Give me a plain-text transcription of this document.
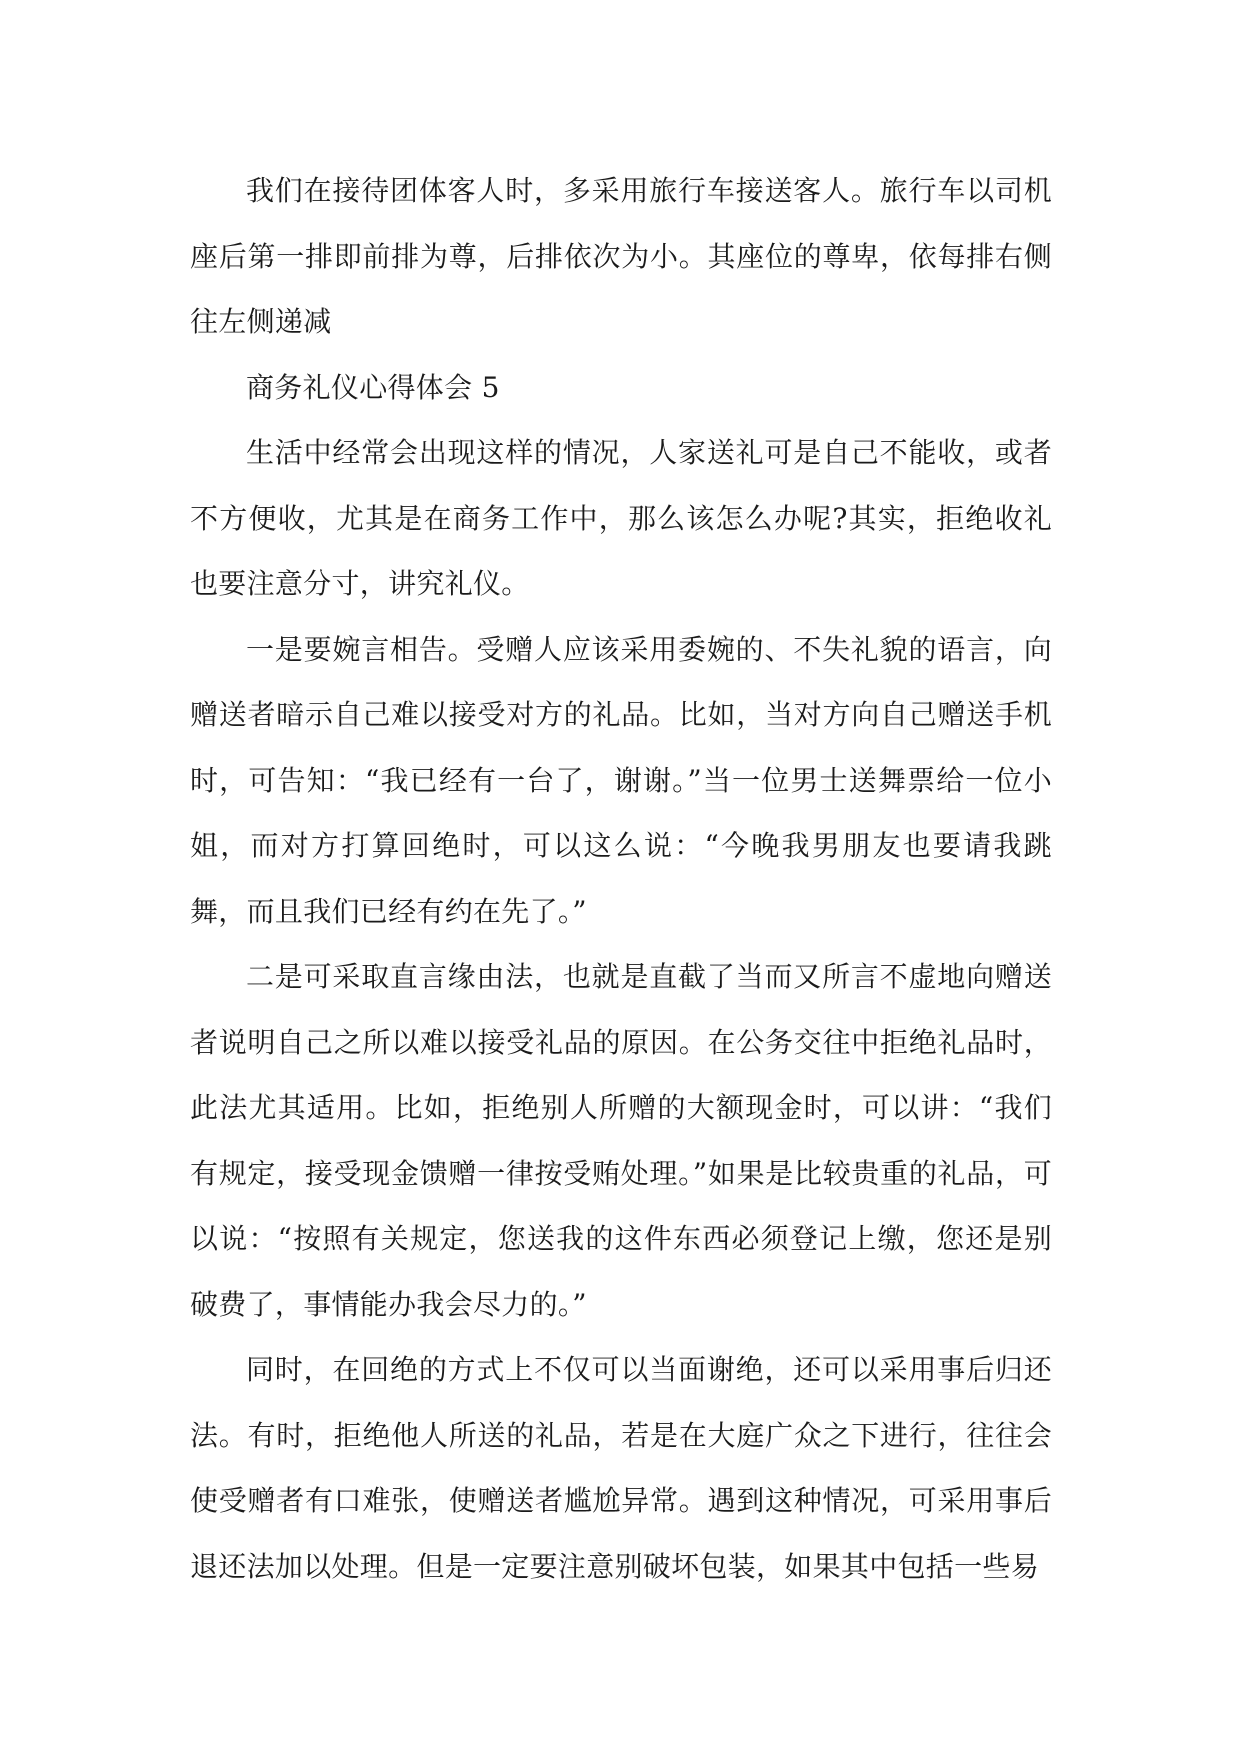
我们在接待团体客人时，多采用旅行车接送客人。旅行车以司机座后第一排即前排为尊，后排依次为小。其座位的尊卑，依每排右侧往左侧递减

商务礼仪心得体会 5

生活中经常会出现这样的情况，人家送礼可是自己不能收，或者不方便收，尤其是在商务工作中，那么该怎么办呢?其实，拒绝收礼也要注意分寸，讲究礼仪。

一是要婉言相告。受赠人应该采用委婉的、不失礼貌的语言，向赠送者暗示自己难以接受对方的礼品。比如，当对方向自己赠送手机时，可告知：“我已经有一台了，谢谢。”当一位男士送舞票给一位小姐，而对方打算回绝时，可以这么说：“今晚我男朋友也要请我跳舞，而且我们已经有约在先了。”

二是可采取直言缘由法，也就是直截了当而又所言不虚地向赠送者说明自己之所以难以接受礼品的原因。在公务交往中拒绝礼品时，此法尤其适用。比如，拒绝别人所赠的大额现金时，可以讲：“我们有规定，接受现金馈赠一律按受贿处理。”如果是比较贵重的礼品，可以说：“按照有关规定，您送我的这件东西必须登记上缴，您还是别破费了，事情能办我会尽力的。”

同时，在回绝的方式上不仅可以当面谢绝，还可以采用事后归还法。有时，拒绝他人所送的礼品，若是在大庭广众之下进行，往往会使受赠者有口难张，使赠送者尴尬异常。遇到这种情况，可采用事后退还法加以处理。但是一定要注意别破坏包装，如果其中包括一些易
